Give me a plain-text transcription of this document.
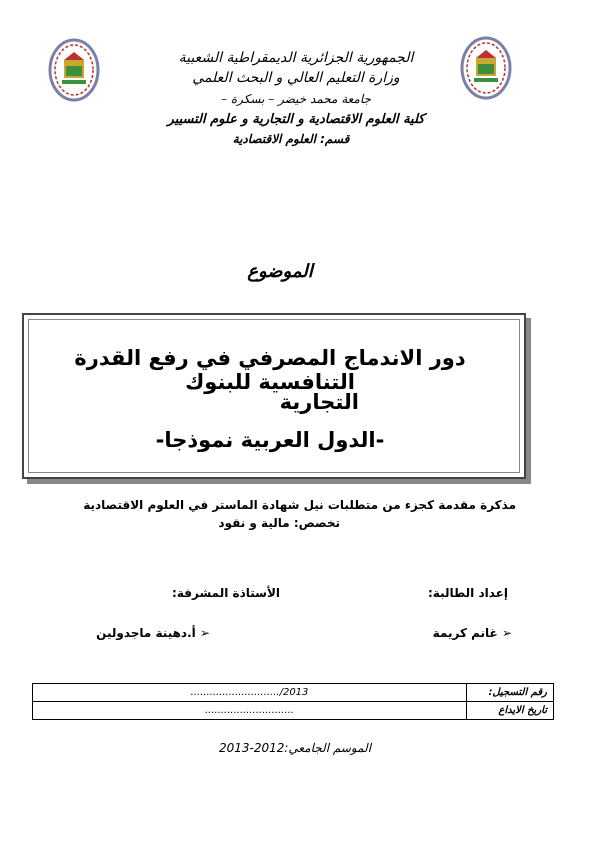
الجمهورية الجزائرية الديمقراطية الشعبية
وزارة التعليم العالي و البحث العلمي
جامعة محمد خيضر – بسكرة –
كلية العلوم الاقتصادية و التجارية و علوم التسيير
قسم: العلوم الاقتصادية
الموضوع
دور الاندماج المصرفي في رفع القدرة التنافسية للبنوك
التجارية
-الدول العربية نموذجا-
مذكرة مقدمة كجزء من متطلبات نيل شهادة الماستر في العلوم الاقتصادية
تخصص: مالية و نقود
إعداد الطالبة:
➢ غانم كريمة
الأستاذة المشرفة:
➢ أ.دهينة ماجدولين
رقم التسجيل:	2013/............................
تاريخ الايداع	............................
الموسم الجامعي:2012-2013
